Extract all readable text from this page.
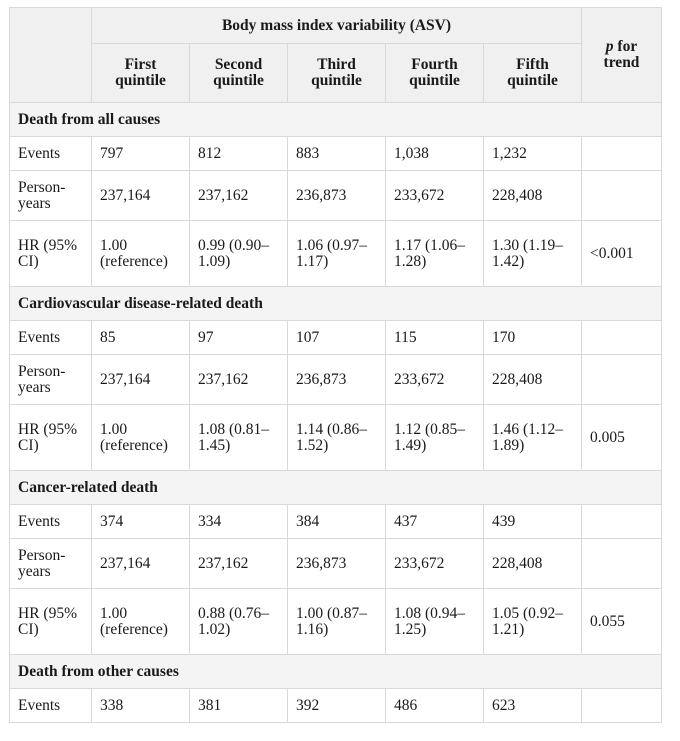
	Body mass index variability (ASV)					p for trend
	First quintile	Second quintile	Third quintile	Fourth quintile	Fifth quintile	
Death from all causes						
Events	797	812	883	1,038	1,232	
Person-years	237,164	237,162	236,873	233,672	228,408	
HR (95% CI)	1.00 (reference)	0.99 (0.90–1.09)	1.06 (0.97–1.17)	1.17 (1.06–1.28)	1.30 (1.19–1.42)	<0.001
Cardiovascular disease-related death						
Events	85	97	107	115	170	
Person-years	237,164	237,162	236,873	233,672	228,408	
HR (95% CI)	1.00 (reference)	1.08 (0.81–1.45)	1.14 (0.86–1.52)	1.12 (0.85–1.49)	1.46 (1.12–1.89)	0.005
Cancer-related death						
Events	374	334	384	437	439	
Person-years	237,164	237,162	236,873	233,672	228,408	
HR (95% CI)	1.00 (reference)	0.88 (0.76–1.02)	1.00 (0.87–1.16)	1.08 (0.94–1.25)	1.05 (0.92–1.21)	0.055
Death from other causes						
Events	338	381	392	486	623	
